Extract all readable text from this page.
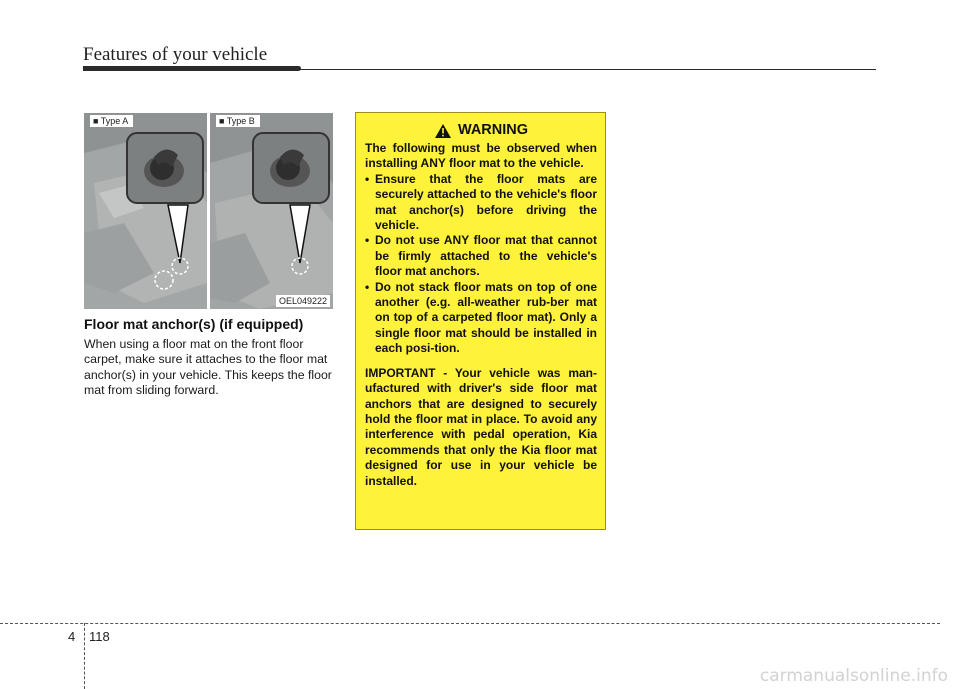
Features of your vehicle
■ Type A	■ Type B
OEL049222
Floor mat anchor(s) (if equipped)
When using a floor mat on the front floor carpet, make sure it attaches to the floor mat anchor(s) in your vehicle. This keeps the floor mat from sliding forward.
WARNING
The following must be observed when installing ANY floor mat to the vehicle.
• Ensure that the floor mats are securely attached to the vehicle's floor mat anchor(s) before driving the vehicle.
• Do not use ANY floor mat that cannot be firmly attached to the vehicle's floor mat anchors.
• Do not stack floor mats on top of one another (e.g. all-weather rub-ber mat on top of a carpeted floor mat). Only a single floor mat should be installed in each posi-tion.
IMPORTANT - Your vehicle was man-ufactured with driver's side floor mat anchors that are designed to securely hold the floor mat in place. To avoid any interference with pedal operation, Kia recommends that only the Kia floor mat designed for use in your vehicle be installed.
4 118
carmanualsonline.info
